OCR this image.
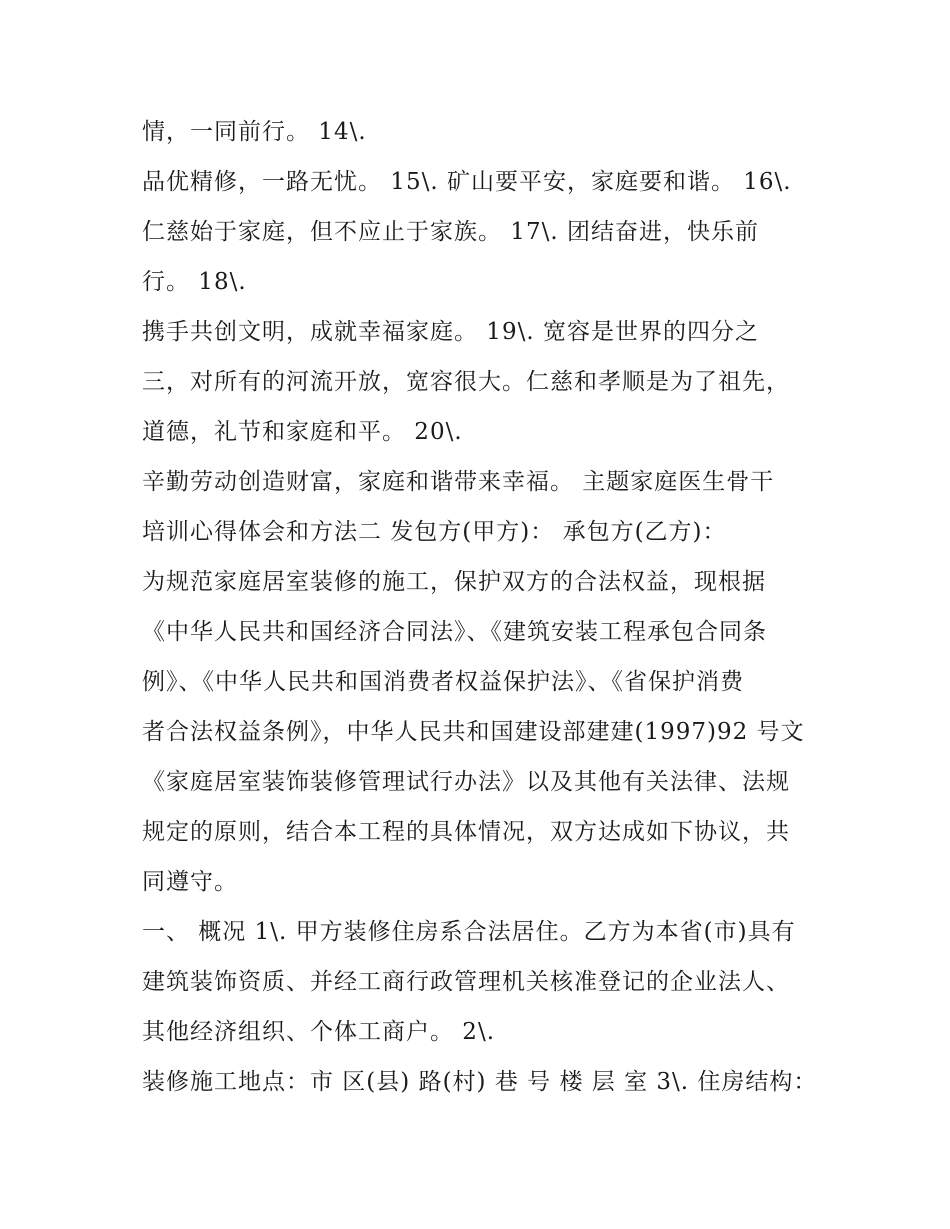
情，一同前行。 14\.
品优精修，一路无忧。 15\. 矿山要平安，家庭要和谐。 16\.
仁慈始于家庭，但不应止于家族。 17\. 团结奋进，快乐前
行。 18\.
携手共创文明，成就幸福家庭。 19\. 宽容是世界的四分之
三，对所有的河流开放，宽容很大。仁慈和孝顺是为了祖先，
道德，礼节和家庭和平。 20\.
辛勤劳动创造财富，家庭和谐带来幸福。 主题家庭医生骨干
培训心得体会和方法二 发包方(甲方)： 承包方(乙方)：
为规范家庭居室装修的施工，保护双方的合法权益，现根据
《中华人民共和国经济合同法》、《建筑安装工程承包合同条
例》、《中华人民共和国消费者权益保护法》、《省保护消费
者合法权益条例》，中华人民共和国建设部建建(1997)92 号文
《家庭居室装饰装修管理试行办法》以及其他有关法律、法规
规定的原则，结合本工程的具体情况，双方达成如下协议，共
同遵守。
一、 概况 1\. 甲方装修住房系合法居住。乙方为本省(市)具有
建筑装饰资质、并经工商行政管理机关核准登记的企业法人、
其他经济组织、个体工商户。 2\.
装修施工地点：市 区(县) 路(村) 巷 号 楼 层 室 3\. 住房结构：
